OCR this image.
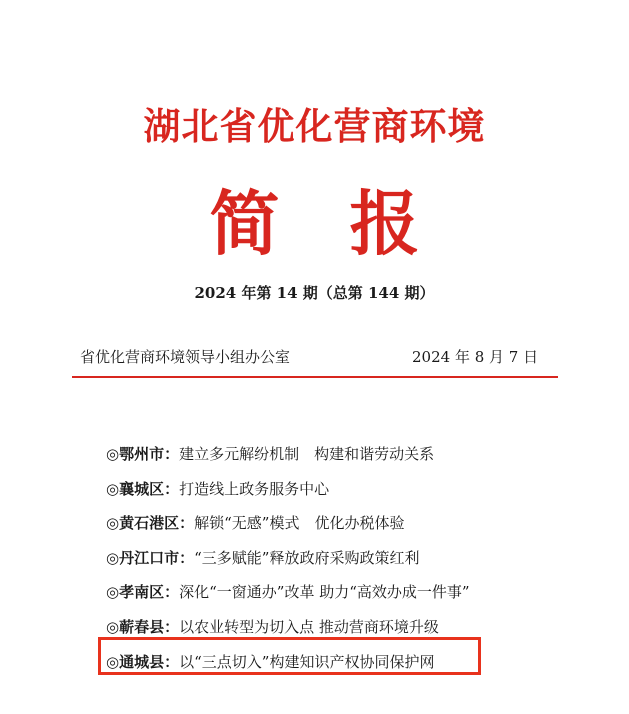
湖北省优化营商环境
简报
2024 年第 14 期（总第 144 期）
省优化营商环境领导小组办公室	2024 年 8 月 7 日
◎鄂州市：建立多元解纷机制　构建和谐劳动关系
◎襄城区：打造线上政务服务中心
◎黄石港区：解锁“无感”模式　优化办税体验
◎丹江口市：“三多赋能”释放政府采购政策红利
◎孝南区：深化“一窗通办”改革 助力“高效办成一件事”
◎蕲春县：以农业转型为切入点 推动营商环境升级
◎通城县：以“三点切入”构建知识产权协同保护网
